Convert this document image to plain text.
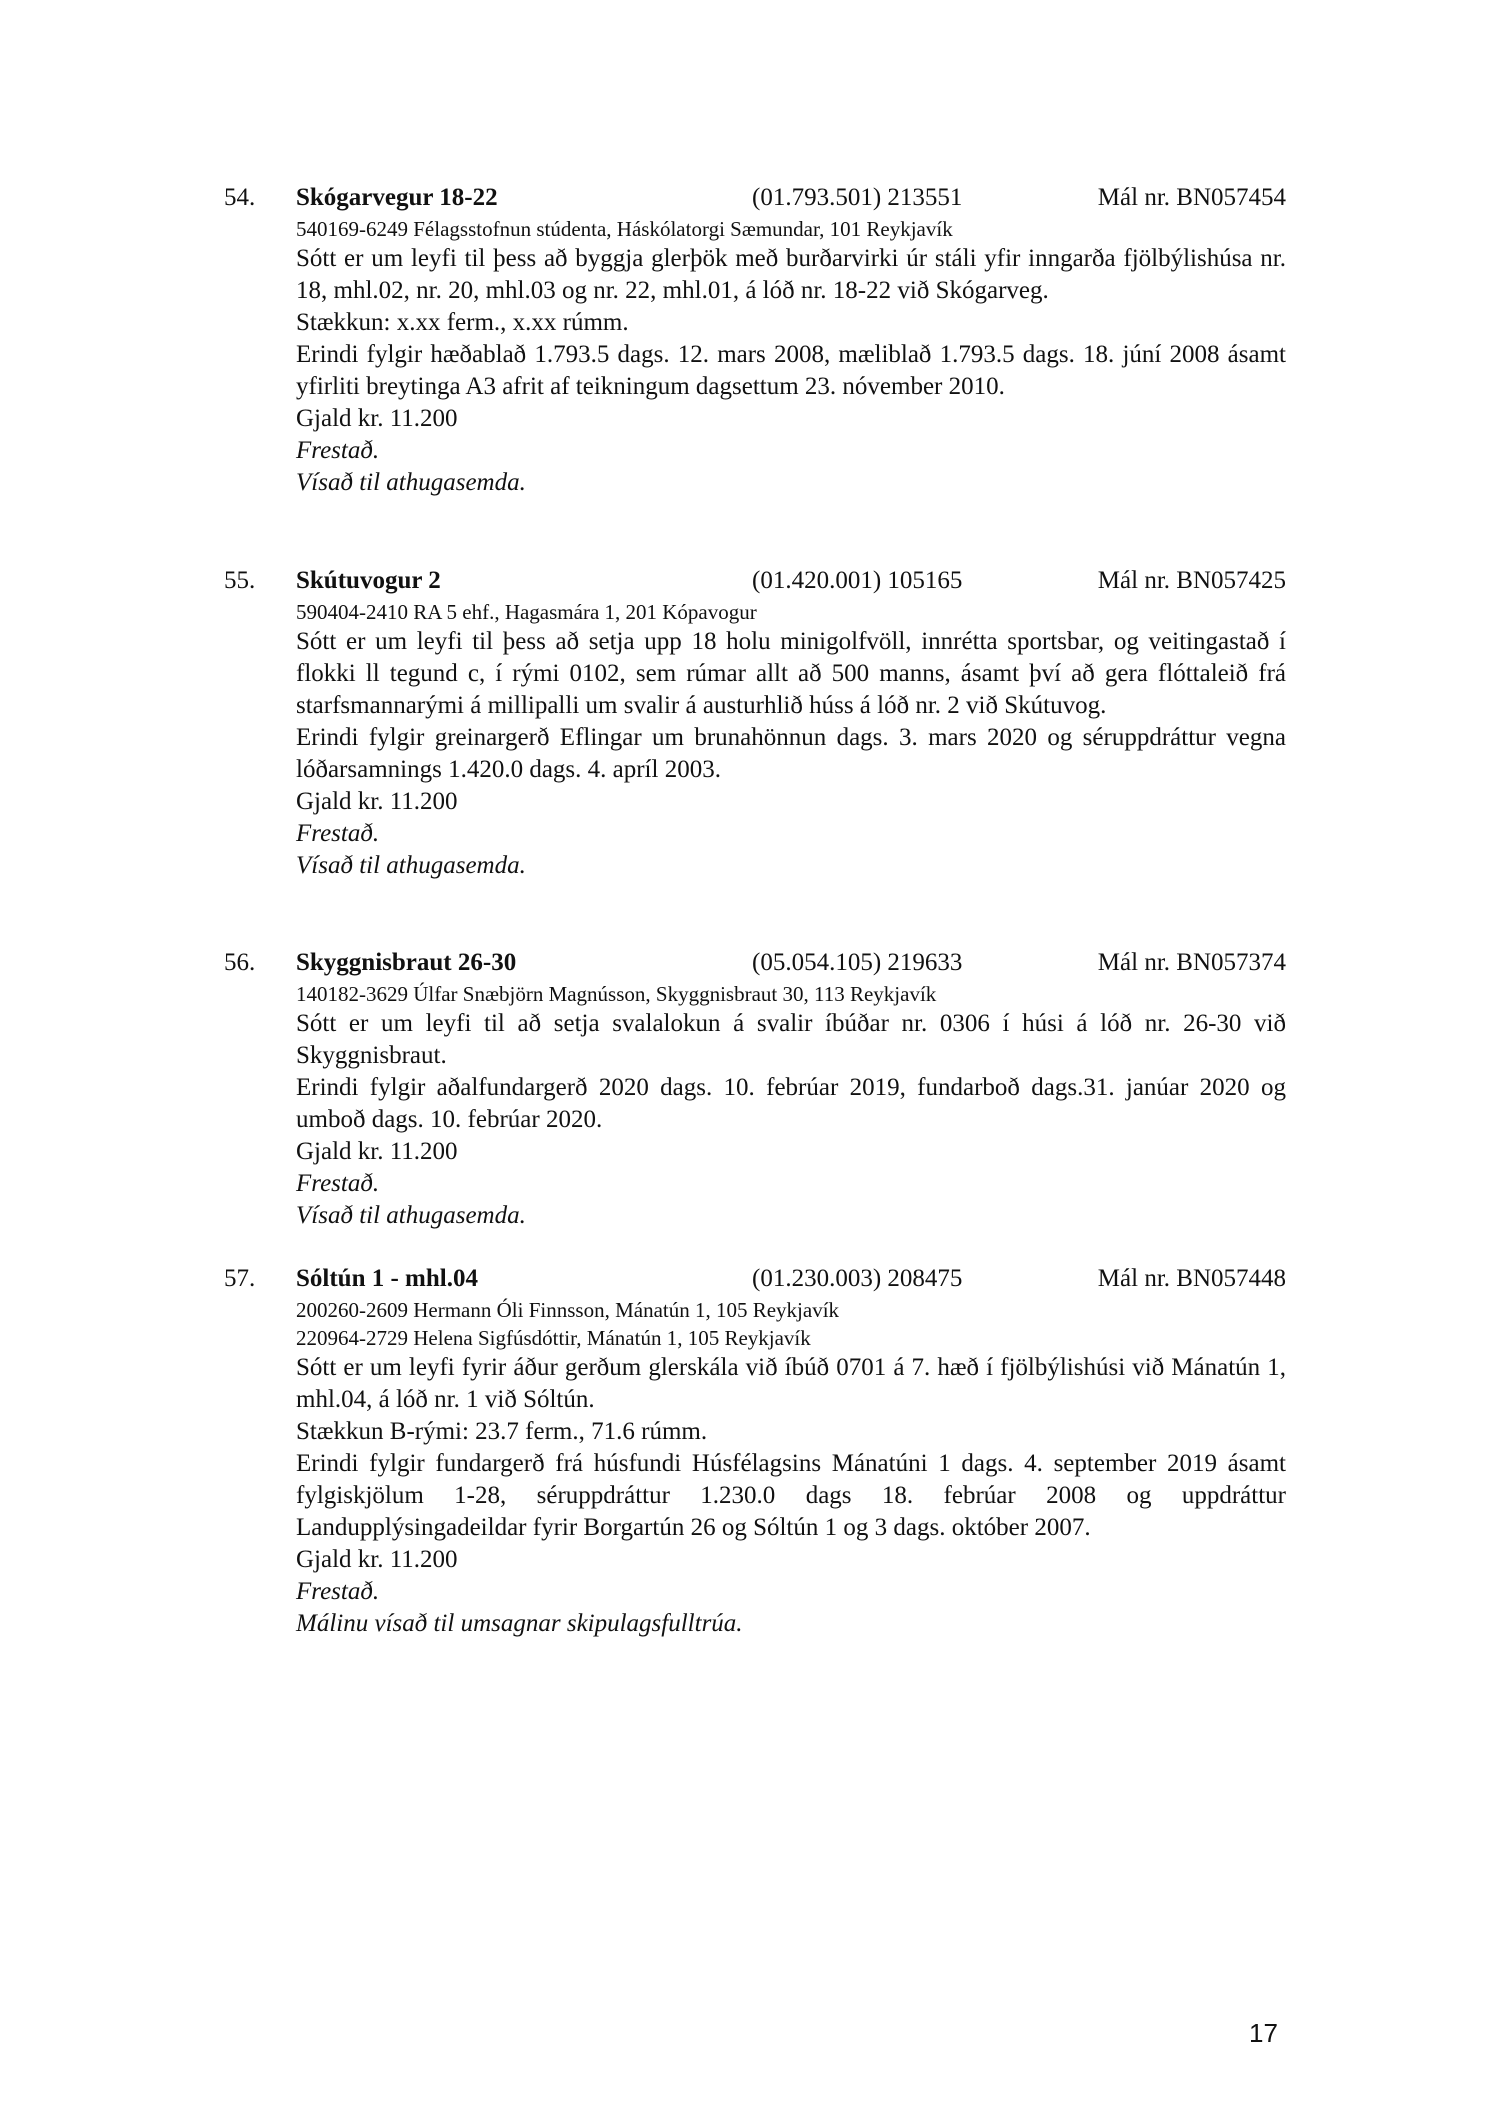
54. Skógarvegur 18-22	(01.793.501) 213551	Mál nr. BN057454
540169-6249 Félagsstofnun stúdenta, Háskólatorgi Sæmundar, 101 Reykjavík
Sótt er um leyfi til þess að byggja glerþök með burðarvirki úr stáli yfir inngarða fjölbýlishúsa nr. 18, mhl.02, nr. 20, mhl.03 og nr. 22, mhl.01, á lóð nr. 18-22 við Skógarveg.
Stækkun: x.xx ferm., x.xx rúmm.
Erindi fylgir hæðablað 1.793.5 dags. 12. mars 2008, mæliblað 1.793.5 dags. 18. júní 2008 ásamt yfirliti breytinga A3 afrit af teikningum dagsettum 23. nóvember 2010.
Gjald kr. 11.200
Frestað.
Vísað til athugasemda.
55. Skútuvogur 2	(01.420.001) 105165	Mál nr. BN057425
590404-2410 RA 5 ehf., Hagasmára 1, 201 Kópavogur
Sótt er um leyfi til þess að setja upp 18 holu minigolfvöll, innrétta sportsbar, og veitingastað í flokki ll tegund c, í rými 0102, sem rúmar allt að 500 manns, ásamt því að gera flóttaleið frá starfsmannarými á millipalli um svalir á austurhlið húss á lóð nr. 2 við Skútuvog.
Erindi fylgir greinargerð Eflingar um brunahönnun dags. 3. mars 2020 og séruppdráttur vegna lóðarsamnings 1.420.0 dags. 4. apríl 2003.
Gjald kr. 11.200
Frestað.
Vísað til athugasemda.
56. Skyggnisbraut 26-30	(05.054.105) 219633	Mál nr. BN057374
140182-3629 Úlfar Snæbjörn Magnússon, Skyggnisbraut 30, 113 Reykjavík
Sótt er um leyfi til að setja svalalokun á svalir íbúðar nr. 0306 í húsi á lóð nr. 26-30 við Skyggnisbraut.
Erindi fylgir aðalfundargerð 2020 dags. 10. febrúar 2019, fundarboð dags.31. janúar 2020 og umboð dags. 10. febrúar 2020.
Gjald kr. 11.200
Frestað.
Vísað til athugasemda.
57. Sóltún 1 - mhl.04	(01.230.003) 208475	Mál nr. BN057448
200260-2609 Hermann Óli Finnsson, Mánatún 1, 105 Reykjavík
220964-2729 Helena Sigfúsdóttir, Mánatún 1, 105 Reykjavík
Sótt er um leyfi fyrir áður gerðum glerskála við íbúð 0701 á 7. hæð í fjölbýlishúsi við Mánatún 1, mhl.04, á lóð nr. 1 við Sóltún.
Stækkun B-rými: 23.7 ferm., 71.6 rúmm.
Erindi fylgir fundargerð frá húsfundi Húsfélagsins Mánatúni 1 dags. 4. september 2019 ásamt fylgiskjölum 1-28, séruppdráttur 1.230.0 dags 18. febrúar 2008 og uppdráttur Landupplýsingadeildar fyrir Borgartún 26 og Sóltún 1 og 3 dags. október 2007.
Gjald kr. 11.200
Frestað.
Málinu vísað til umsagnar skipulagsfulltrúa.
17
